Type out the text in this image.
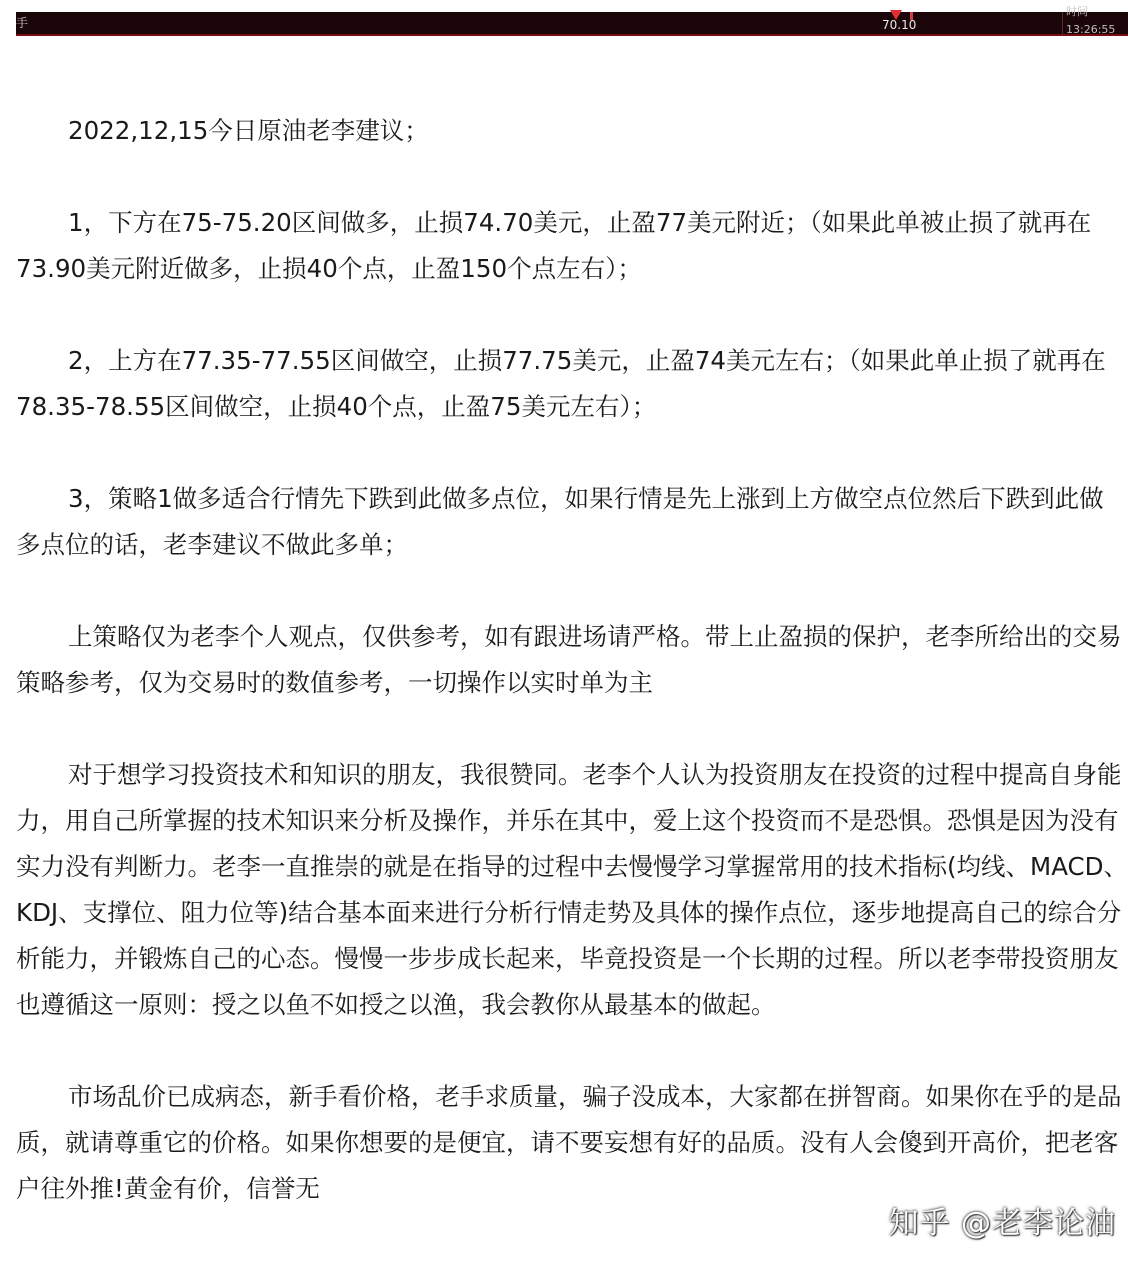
手	70.10
时间
13:26:55

2022,12,15今日原油老李建议；

1，下方在75-75.20区间做多，止损74.70美元，止盈77美元附近；（如果此单被止损了就再在73.90美元附近做多，止损40个点，止盈150个点左右）；

2，上方在77.35-77.55区间做空，止损77.75美元，止盈74美元左右；（如果此单止损了就再在78.35-78.55区间做空，止损40个点，止盈75美元左右）；

3，策略1做多适合行情先下跌到此做多点位，如果行情是先上涨到上方做空点位然后下跌到此做多点位的话，老李建议不做此多单；

上策略仅为老李个人观点，仅供参考，如有跟进场请严格。带上止盈损的保护，老李所给出的交易策略参考，仅为交易时的数值参考，一切操作以实时单为主

对于想学习投资技术和知识的朋友，我很赞同。老李个人认为投资朋友在投资的过程中提高自身能力，用自己所掌握的技术知识来分析及操作，并乐在其中，爱上这个投资而不是恐惧。恐惧是因为没有实力没有判断力。老李一直推崇的就是在指导的过程中去慢慢学习掌握常用的技术指标(均线、MACD、KDJ、支撑位、阻力位等)结合基本面来进行分析行情走势及具体的操作点位，逐步地提高自己的综合分析能力，并锻炼自己的心态。慢慢一步步成长起来，毕竟投资是一个长期的过程。所以老李带投资朋友也遵循这一原则：授之以鱼不如授之以渔，我会教你从最基本的做起。

市场乱价已成病态，新手看价格，老手求质量，骗子没成本，大家都在拼智商。如果你在乎的是品质，就请尊重它的价格。如果你想要的是便宜，请不要妄想有好的品质。没有人会傻到开高价，把老客户往外推!黄金有价，信誉无

知乎 @老李论油
